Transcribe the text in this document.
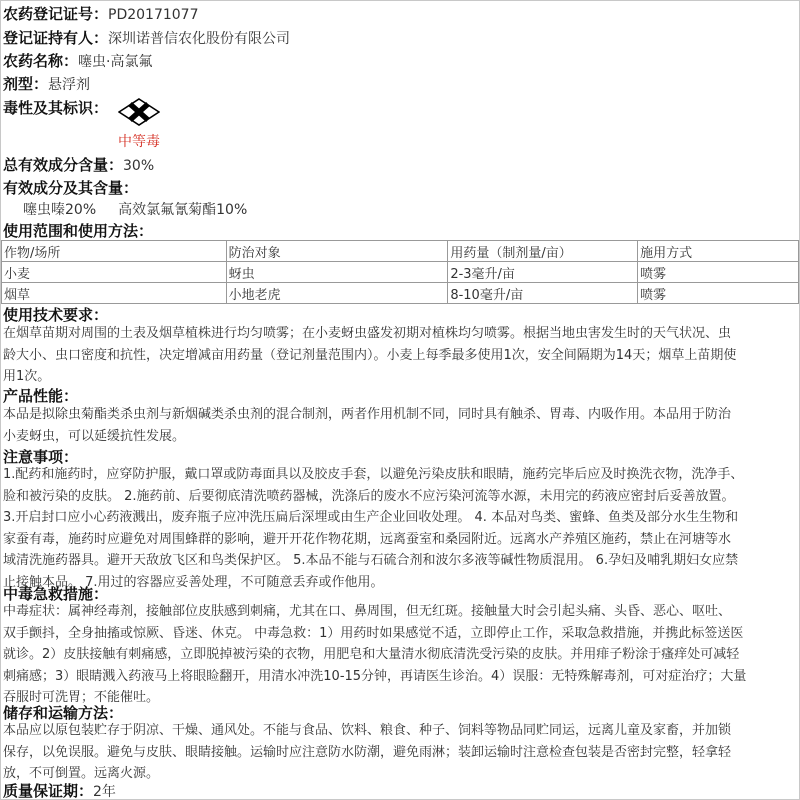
农药登记证号：PD20171077
登记证持有人：深圳诺普信农化股份有限公司
农药名称：噻虫·高氯氟
剂型：悬浮剂
毒性及其标识：
中等毒
总有效成分含量：30%
有效成分及其含量：
噻虫嗪20% 高效氯氟氰菊酯10%
使用范围和使用方法：
作物/场所	防治对象	用药量（制剂量/亩）	施用方式
小麦	蚜虫	2-3毫升/亩	喷雾
烟草	小地老虎	8-10毫升/亩	喷雾
使用技术要求：
在烟草苗期对周围的土表及烟草植株进行均匀喷雾；在小麦蚜虫盛发初期对植株均匀喷雾。根据当地虫害发生时的天气状况、虫
龄大小、虫口密度和抗性，决定增减亩用药量（登记剂量范围内）。小麦上每季最多使用1次，安全间隔期为14天；烟草上苗期使
用1次。
产品性能：
本品是拟除虫菊酯类杀虫剂与新烟碱类杀虫剂的混合制剂，两者作用机制不同，同时具有触杀、胃毒、内吸作用。本品用于防治
小麦蚜虫，可以延缓抗性发展。
注意事项：
1.配药和施药时，应穿防护服，戴口罩或防毒面具以及胶皮手套，以避免污染皮肤和眼睛，施药完毕后应及时换洗衣物，洗净手、
脸和被污染的皮肤。 2.施药前、后要彻底清洗喷药器械，洗涤后的废水不应污染河流等水源，未用完的药液应密封后妥善放置。
3.开启封口应小心药液溅出，废弃瓶子应冲洗压扁后深埋或由生产企业回收处理。 4. 本品对鸟类、蜜蜂、鱼类及部分水生生物和
家蚕有毒，施药时应避免对周围蜂群的影响，避开开花作物花期，远离蚕室和桑园附近。远离水产养殖区施药，禁止在河塘等水
域清洗施药器具。避开天敌放飞区和鸟类保护区。 5.本品不能与石硫合剂和波尔多液等碱性物质混用。 6.孕妇及哺乳期妇女应禁
止接触本品。 7.用过的容器应妥善处理，不可随意丢弃或作他用。
中毒急救措施：
中毒症状：属神经毒剂，接触部位皮肤感到刺痛，尤其在口、鼻周围，但无红斑。接触量大时会引起头痛、头昏、恶心、呕吐、
双手颤抖，全身抽搐或惊厥、昏迷、休克。 中毒急救：1）用药时如果感觉不适，立即停止工作，采取急救措施，并携此标签送医
就诊。2）皮肤接触有刺痛感，立即脱掉被污染的衣物，用肥皂和大量清水彻底清洗受污染的皮肤。并用痱子粉涂于瘙痒处可减轻
刺痛感；3）眼睛溅入药液马上将眼睑翻开，用清水冲洗10-15分钟，再请医生诊治。4）误服：无特殊解毒剂，可对症治疗；大量
吞服时可洗胃；不能催吐。
储存和运输方法：
本品应以原包装贮存于阴凉、干燥、通风处。不能与食品、饮料、粮食、种子、饲料等物品同贮同运，远离儿童及家畜，并加锁
保存，以免误服。避免与皮肤、眼睛接触。运输时应注意防水防潮，避免雨淋；装卸运输时注意检查包装是否密封完整，轻拿轻
放，不可倒置。远离火源。
质量保证期：2年
